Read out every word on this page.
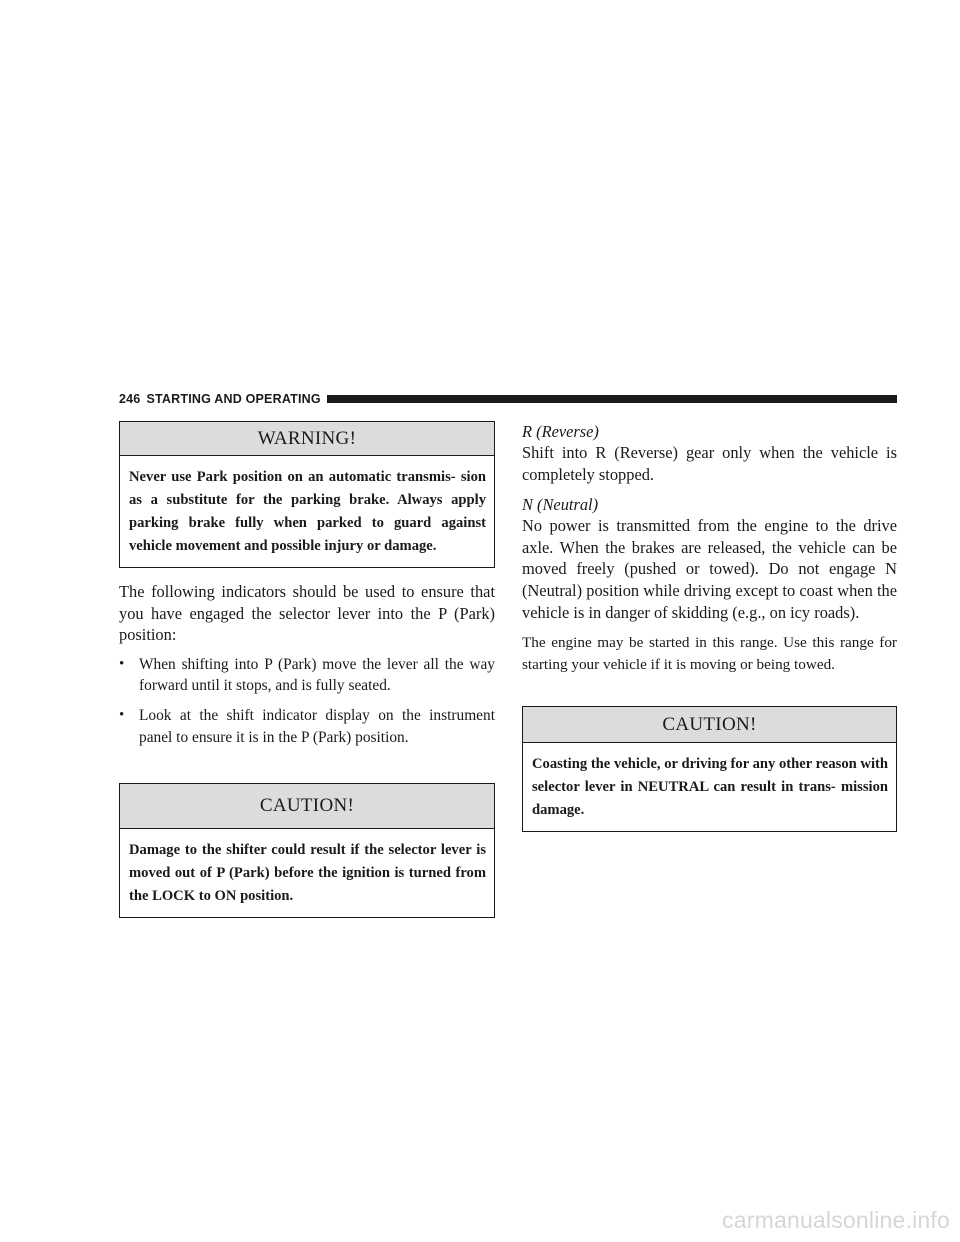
246 STARTING AND OPERATING
WARNING!
Never use Park position on an automatic transmis- sion as a substitute for the parking brake. Always apply parking brake fully when parked to guard against vehicle movement and possible injury or damage.

The following indicators should be used to ensure that you have engaged the selector lever into the P (Park) position:

• When shifting into P (Park) move the lever all the way forward until it stops, and is fully seated.
• Look at the shift indicator display on the instrument panel to ensure it is in the P (Park) position.
CAUTION!
Damage to the shifter could result if the selector lever is moved out of P (Park) before the ignition is turned from the LOCK to ON position.

R (Reverse)

Shift into R (Reverse) gear only when the vehicle is completely stopped.

N (Neutral)

No power is transmitted from the engine to the drive axle. When the brakes are released, the vehicle can be moved freely (pushed or towed). Do not engage N (Neutral) position while driving except to coast when the vehicle is in danger of skidding (e.g., on icy roads).

The engine may be started in this range. Use this range for starting your vehicle if it is moving or being towed.

CAUTION!
Coasting the vehicle, or driving for any other reason with selector lever in NEUTRAL can result in trans- mission damage.
carmanualsonline.info
